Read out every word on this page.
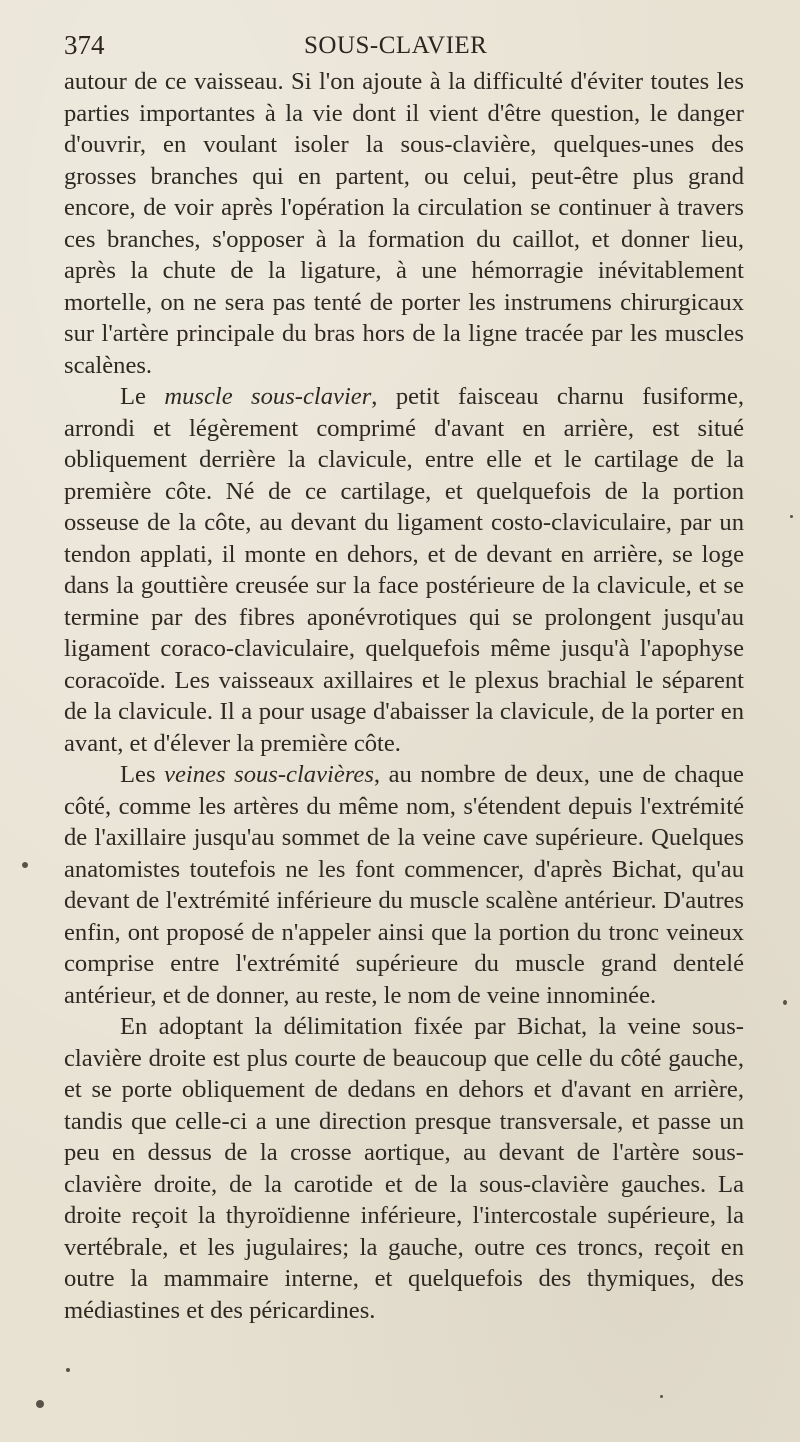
374	SOUS-CLAVIER

autour de ce vaisseau. Si l'on ajoute à la difficulté d'éviter toutes les parties importantes à la vie dont il vient d'être question, le danger d'ouvrir, en voulant isoler la sous-clavière, quelques-unes des grosses branches qui en partent, ou celui, peut-être plus grand encore, de voir après l'opération la circulation se continuer à travers ces branches, s'opposer à la formation du caillot, et donner lieu, après la chute de la ligature, à une hémorragie inévitablement mortelle, on ne sera pas tenté de porter les instrumens chirurgicaux sur l'artère principale du bras hors de la ligne tracée par les muscles scalènes.

Le muscle sous-clavier, petit faisceau charnu fusiforme, arrondi et légèrement comprimé d'avant en arrière, est situé obliquement derrière la clavicule, entre elle et le cartilage de la première côte. Né de ce cartilage, et quelquefois de la portion osseuse de la côte, au devant du ligament costo-claviculaire, par un tendon applati, il monte en dehors, et de devant en arrière, se loge dans la gouttière creusée sur la face postérieure de la clavicule, et se termine par des fibres aponévrotiques qui se prolongent jusqu'au ligament coraco-claviculaire, quelquefois même jusqu'à l'apophyse coracoïde. Les vaisseaux axillaires et le plexus brachial le séparent de la clavicule. Il a pour usage d'abaisser la clavicule, de la porter en avant, et d'élever la première côte.

Les veines sous-clavières, au nombre de deux, une de chaque côté, comme les artères du même nom, s'étendent depuis l'extrémité de l'axillaire jusqu'au sommet de la veine cave supérieure. Quelques anatomistes toutefois ne les font commencer, d'après Bichat, qu'au devant de l'extrémité inférieure du muscle scalène antérieur. D'autres enfin, ont proposé de n'appeler ainsi que la portion du tronc veineux comprise entre l'extrémité supérieure du muscle grand dentelé antérieur, et de donner, au reste, le nom de veine innominée.

En adoptant la délimitation fixée par Bichat, la veine sous-clavière droite est plus courte de beaucoup que celle du côté gauche, et se porte obliquement de dedans en dehors et d'avant en arrière, tandis que celle-ci a une direction presque transversale, et passe un peu en dessus de la crosse aortique, au devant de l'artère sous-clavière droite, de la carotide et de la sous-clavière gauches. La droite reçoit la thyroïdienne inférieure, l'intercostale supérieure, la vertébrale, et les jugulaires; la gauche, outre ces troncs, reçoit en outre la mammaire interne, et quelquefois des thymiques, des médiastines et des péricardines.
